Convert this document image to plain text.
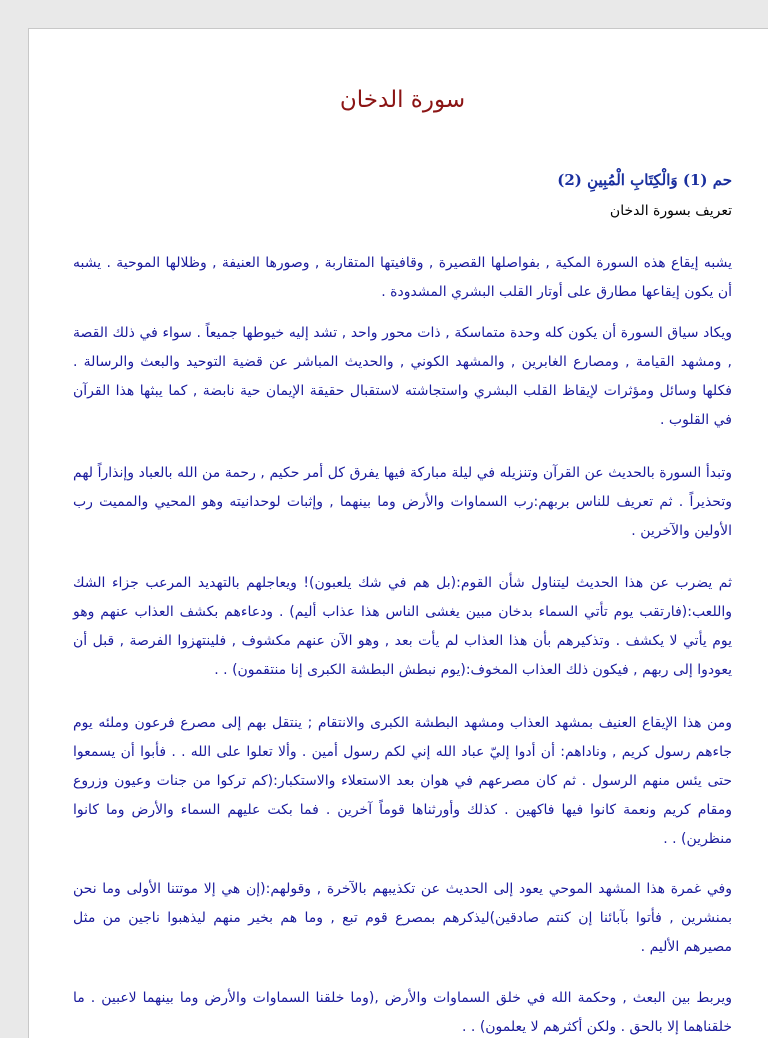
سورة الدخان

حم (1) وَالْكِتَابِ الْمُبِينِ (2)

تعريف بسورة الدخان

يشبه إيقاع هذه السورة المكية , بفواصلها القصيرة , وقافيتها المتقاربة , وصورها العنيفة , وظلالها الموحية . يشبه أن يكون إيقاعها مطارق على أوتار القلب البشري المشدودة .

ويكاد سياق السورة أن يكون كله وحدة متماسكة , ذات محور واحد , تشد إليه خيوطها جميعاً . سواء في ذلك القصة , ومشهد القيامة , ومصارع الغابرين , والمشهد الكوني , والحديث المباشر عن قضية التوحيد والبعث والرسالة . فكلها وسائل ومؤثرات لإيقاظ القلب البشري واستجاشته لاستقبال حقيقة الإيمان حية نابضة , كما يبثها هذا القرآن في القلوب .

وتبدأ السورة بالحديث عن القرآن وتنزيله في ليلة مباركة فيها يفرق كل أمر حكيم , رحمة من الله بالعباد وإنذاراً لهم وتحذيراً . ثم تعريف للناس بربهم:رب السماوات والأرض وما بينهما , وإثبات لوحدانيته وهو المحيي والمميت رب الأولين والآخرين .

ثم يضرب عن هذا الحديث ليتناول شأن القوم:(بل هم في شك يلعبون)! ويعاجلهم بالتهديد المرعب جزاء الشك واللعب:(فارتقب يوم تأتي السماء بدخان مبين يغشى الناس هذا عذاب أليم) . ودعاءهم بكشف العذاب عنهم وهو يوم يأتي لا يكشف . وتذكيرهم بأن هذا العذاب لم يأت بعد , وهو الآن عنهم مكشوف , فلينتهزوا الفرصة , قبل أن يعودوا إلى ربهم , فيكون ذلك العذاب المخوف:(يوم نبطش البطشة الكبرى إنا منتقمون) . .

ومن هذا الإيقاع العنيف بمشهد العذاب ومشهد البطشة الكبرى والانتقام ; ينتقل بهم إلى مصرع فرعون وملئه يوم جاءهم رسول كريم , وناداهم: أن أدوا إليّ عباد الله إني لكم رسول أمين . وألا تعلوا على الله . . فأبوا أن يسمعوا حتى يئس منهم الرسول . ثم كان مصرعهم في هوان بعد الاستعلاء والاستكبار:(كم تركوا من جنات وعيون وزروع ومقام كريم ونعمة كانوا فيها فاكهين . كذلك وأورثناها قوماً آخرين . فما بكت عليهم السماء والأرض وما كانوا منظرين) . .

وفي غمرة هذا المشهد الموحي يعود إلى الحديث عن تكذيبهم بالآخرة , وقولهم:(إن هي إلا موتتنا الأولى وما نحن بمنشرين , فأتوا بآبائنا إن كنتم صادقين)ليذكرهم بمصرع قوم تبع , وما هم بخير منهم ليذهبوا ناجين من مثل مصيرهم الأليم .

ويربط بين البعث , وحكمة الله في خلق السماوات والأرض ,(وما خلقنا السماوات والأرض وما بينهما لاعبين . ما خلقناهما إلا بالحق . ولكن أكثرهم لا يعلمون) . .
